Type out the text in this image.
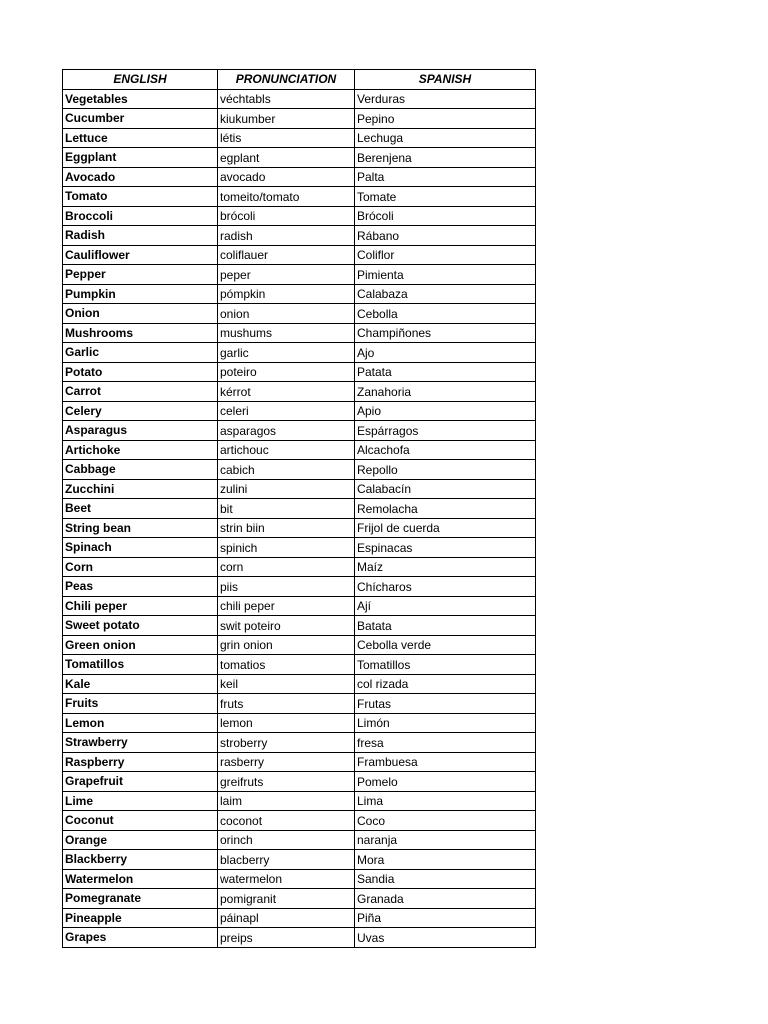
ENGLISH	PRONUNCIATION	SPANISH
Vegetables	véchtabls	Verduras
Cucumber	kiukumber	Pepino
Lettuce	létis	Lechuga
Eggplant	egplant	Berenjena
Avocado	avocado	Palta
Tomato	tomeito/tomato	Tomate
Broccoli	brócoli	Brócoli
Radish	radish	Rábano
Cauliflower	coliflauer	Coliflor
Pepper	peper	Pimienta
Pumpkin	pómpkin	Calabaza
Onion	onion	Cebolla
Mushrooms	mushums	Champiñones
Garlic	garlic	Ajo
Potato	poteiro	Patata
Carrot	kérrot	Zanahoria
Celery	celeri	Apio
Asparagus	asparagos	Espárragos
Artichoke	artichouc	Alcachofa
Cabbage	cabich	Repollo
Zucchini	zulini	Calabacín
Beet	bit	Remolacha
String bean	strin biin	Frijol de cuerda
Spinach	spinich	Espinacas
Corn	corn	Maíz
Peas	piis	Chícharos
Chili peper	chili peper	Ají
Sweet potato	swit poteiro	Batata
Green onion	grin onion	Cebolla verde
Tomatillos	tomatios	Tomatillos
Kale	keil	col rizada
Fruits	fruts	Frutas
Lemon	lemon	Limón
Strawberry	stroberry	fresa
Raspberry	rasberry	Frambuesa
Grapefruit	greifruts	Pomelo
Lime	laim	Lima
Coconut	coconot	Coco
Orange	orinch	naranja
Blackberry	blacberry	Mora
Watermelon	watermelon	Sandia
Pomegranate	pomigranit	Granada
Pineapple	páinapl	Piña
Grapes	preips	Uvas
